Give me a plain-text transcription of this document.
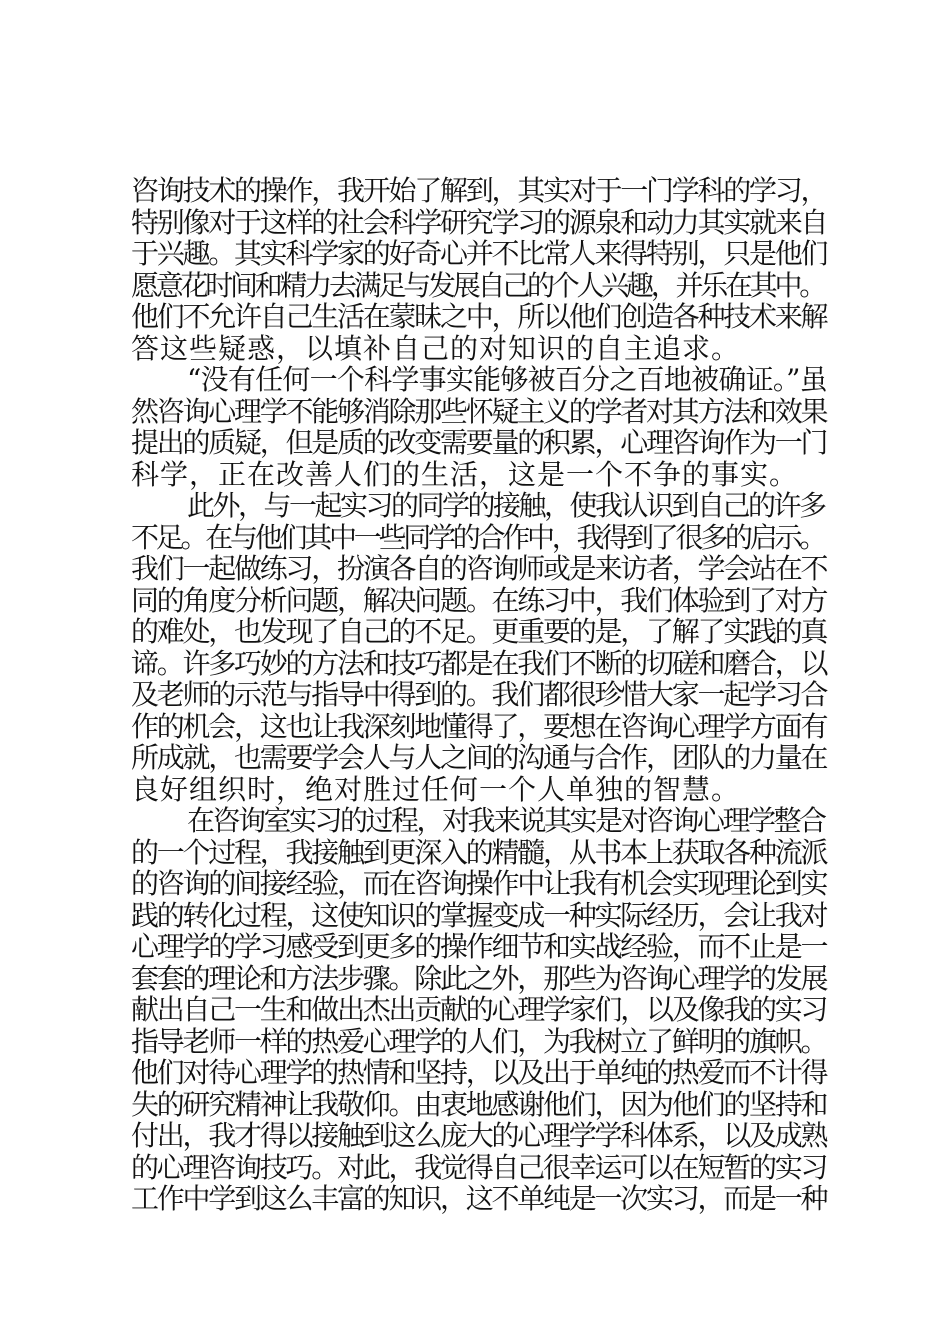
咨询技术的操作，我开始了解到，其实对于一门学科的学习，
特别像对于这样的社会科学研究学习的源泉和动力其实就来自
于兴趣。其实科学家的好奇心并不比常人来得特别，只是他们
愿意花时间和精力去满足与发展自己的个人兴趣，并乐在其中。
他们不允许自己生活在蒙昧之中，所以他们创造各种技术来解
答这些疑惑，以填补自己的对知识的自主追求。
“没有任何一个科学事实能够被百分之百地被确证。”虽
然咨询心理学不能够消除那些怀疑主义的学者对其方法和效果
提出的质疑，但是质的改变需要量的积累，心理咨询作为一门
科学，正在改善人们的生活，这是一个不争的事实。
此外，与一起实习的同学的接触，使我认识到自己的许多
不足。在与他们其中一些同学的合作中，我得到了很多的启示。
我们一起做练习，扮演各自的咨询师或是来访者，学会站在不
同的角度分析问题，解决问题。在练习中，我们体验到了对方
的难处，也发现了自己的不足。更重要的是，了解了实践的真
谛。许多巧妙的方法和技巧都是在我们不断的切磋和磨合，以
及老师的示范与指导中得到的。我们都很珍惜大家一起学习合
作的机会，这也让我深刻地懂得了，要想在咨询心理学方面有
所成就，也需要学会人与人之间的沟通与合作，团队的力量在
良好组织时，绝对胜过任何一个人单独的智慧。
在咨询室实习的过程，对我来说其实是对咨询心理学整合
的一个过程，我接触到更深入的精髓，从书本上获取各种流派
的咨询的间接经验，而在咨询操作中让我有机会实现理论到实
践的转化过程，这使知识的掌握变成一种实际经历，会让我对
心理学的学习感受到更多的操作细节和实战经验，而不止是一
套套的理论和方法步骤。除此之外，那些为咨询心理学的发展
献出自己一生和做出杰出贡献的心理学家们，以及像我的实习
指导老师一样的热爱心理学的人们，为我树立了鲜明的旗帜。
他们对待心理学的热情和坚持，以及出于单纯的热爱而不计得
失的研究精神让我敬仰。由衷地感谢他们，因为他们的坚持和
付出，我才得以接触到这么庞大的心理学学科体系，以及成熟
的心理咨询技巧。对此，我觉得自己很幸运可以在短暂的实习
工作中学到这么丰富的知识，这不单纯是一次实习，而是一种
